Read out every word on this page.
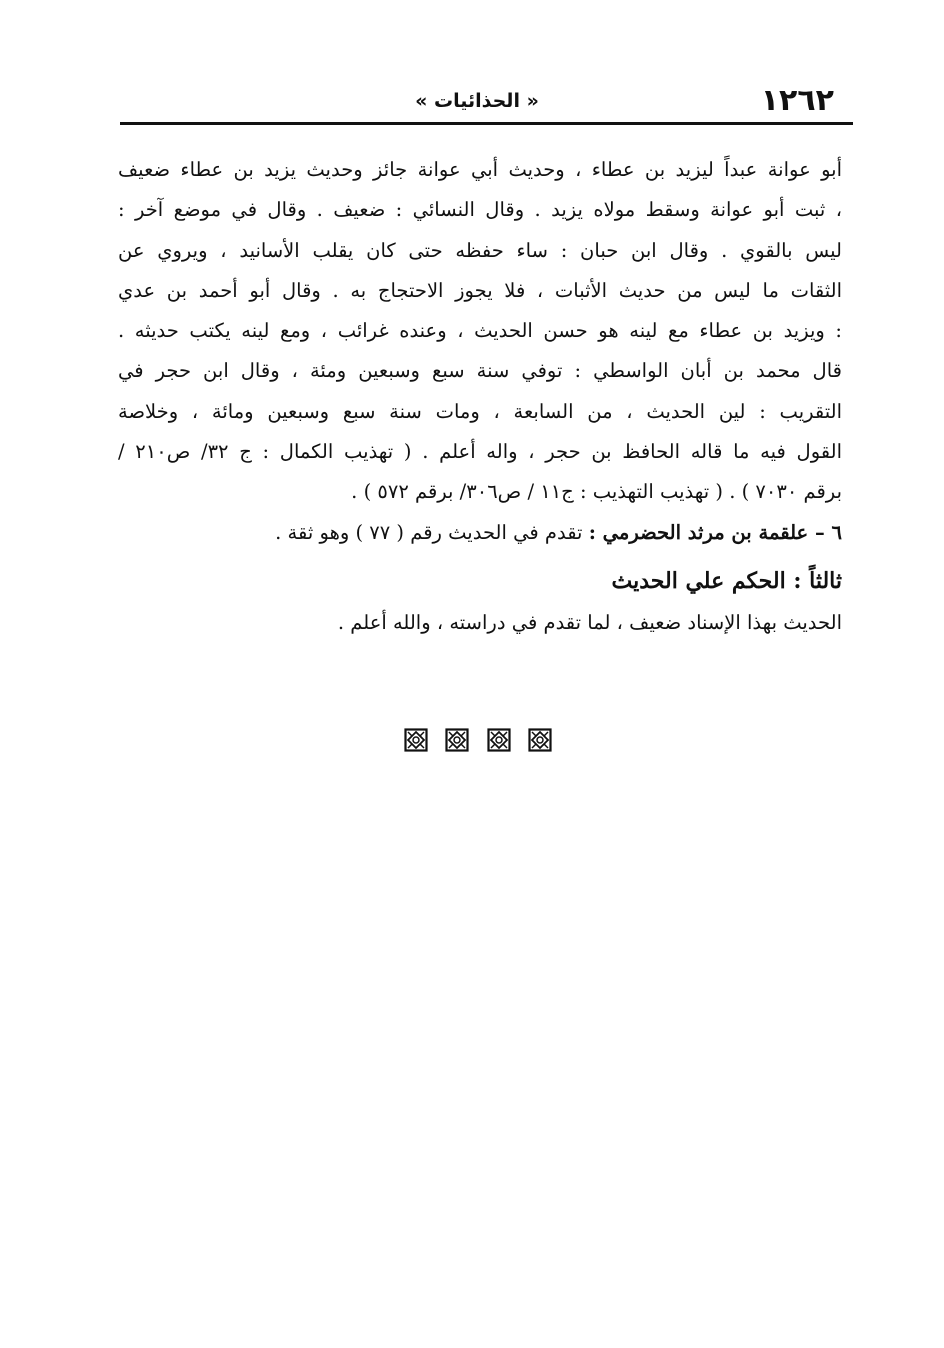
١٢٦٢
« الحذائيات »
أبو عوانة عبداً ليزيد بن عطاء ، وحديث أبي عوانة جائز وحديث يزيد بن عطاء ضعيف
، ثبت أبو عوانة وسقط مولاه يزيد . وقال النسائي : ضعيف . وقال في موضع آخر :
ليس بالقوي . وقال ابن حبان : ساء حفظه حتى كان يقلب الأسانيد ، ويروي عن
الثقات ما ليس من حديث الأثبات ، فلا يجوز الاحتجاج به . وقال أبو أحمد بن عدي
: ويزيد بن عطاء مع لينه هو حسن الحديث ، وعنده غرائب ، ومع لينه يكتب حديثه .
قال محمد بن أبان الواسطي : توفي سنة سبع وسبعين ومئة ، وقال ابن حجر في
التقريب : لين الحديث ، من السابعة ، ومات سنة سبع وسبعين ومائة ، وخلاصة
القول فيه ما قاله الحافظ بن حجر ، واله أعلم . ( تهذيب الكمال : ج ٣٢/ ص٢١٠ /
برقم ٧٠٣٠ ) . ( تهذيب التهذيب : ج١١ / ص٣٠٦/ برقم ٥٧٢ ) .
٦ – علقمة بن مرثد الحضرمي : تقدم في الحديث رقم ( ٧٧ ) وهو ثقة .
ثالثاً : الحكم علي الحديث
الحديث بهذا الإسناد ضعيف ، لما تقدم في دراسته ، والله أعلم .
